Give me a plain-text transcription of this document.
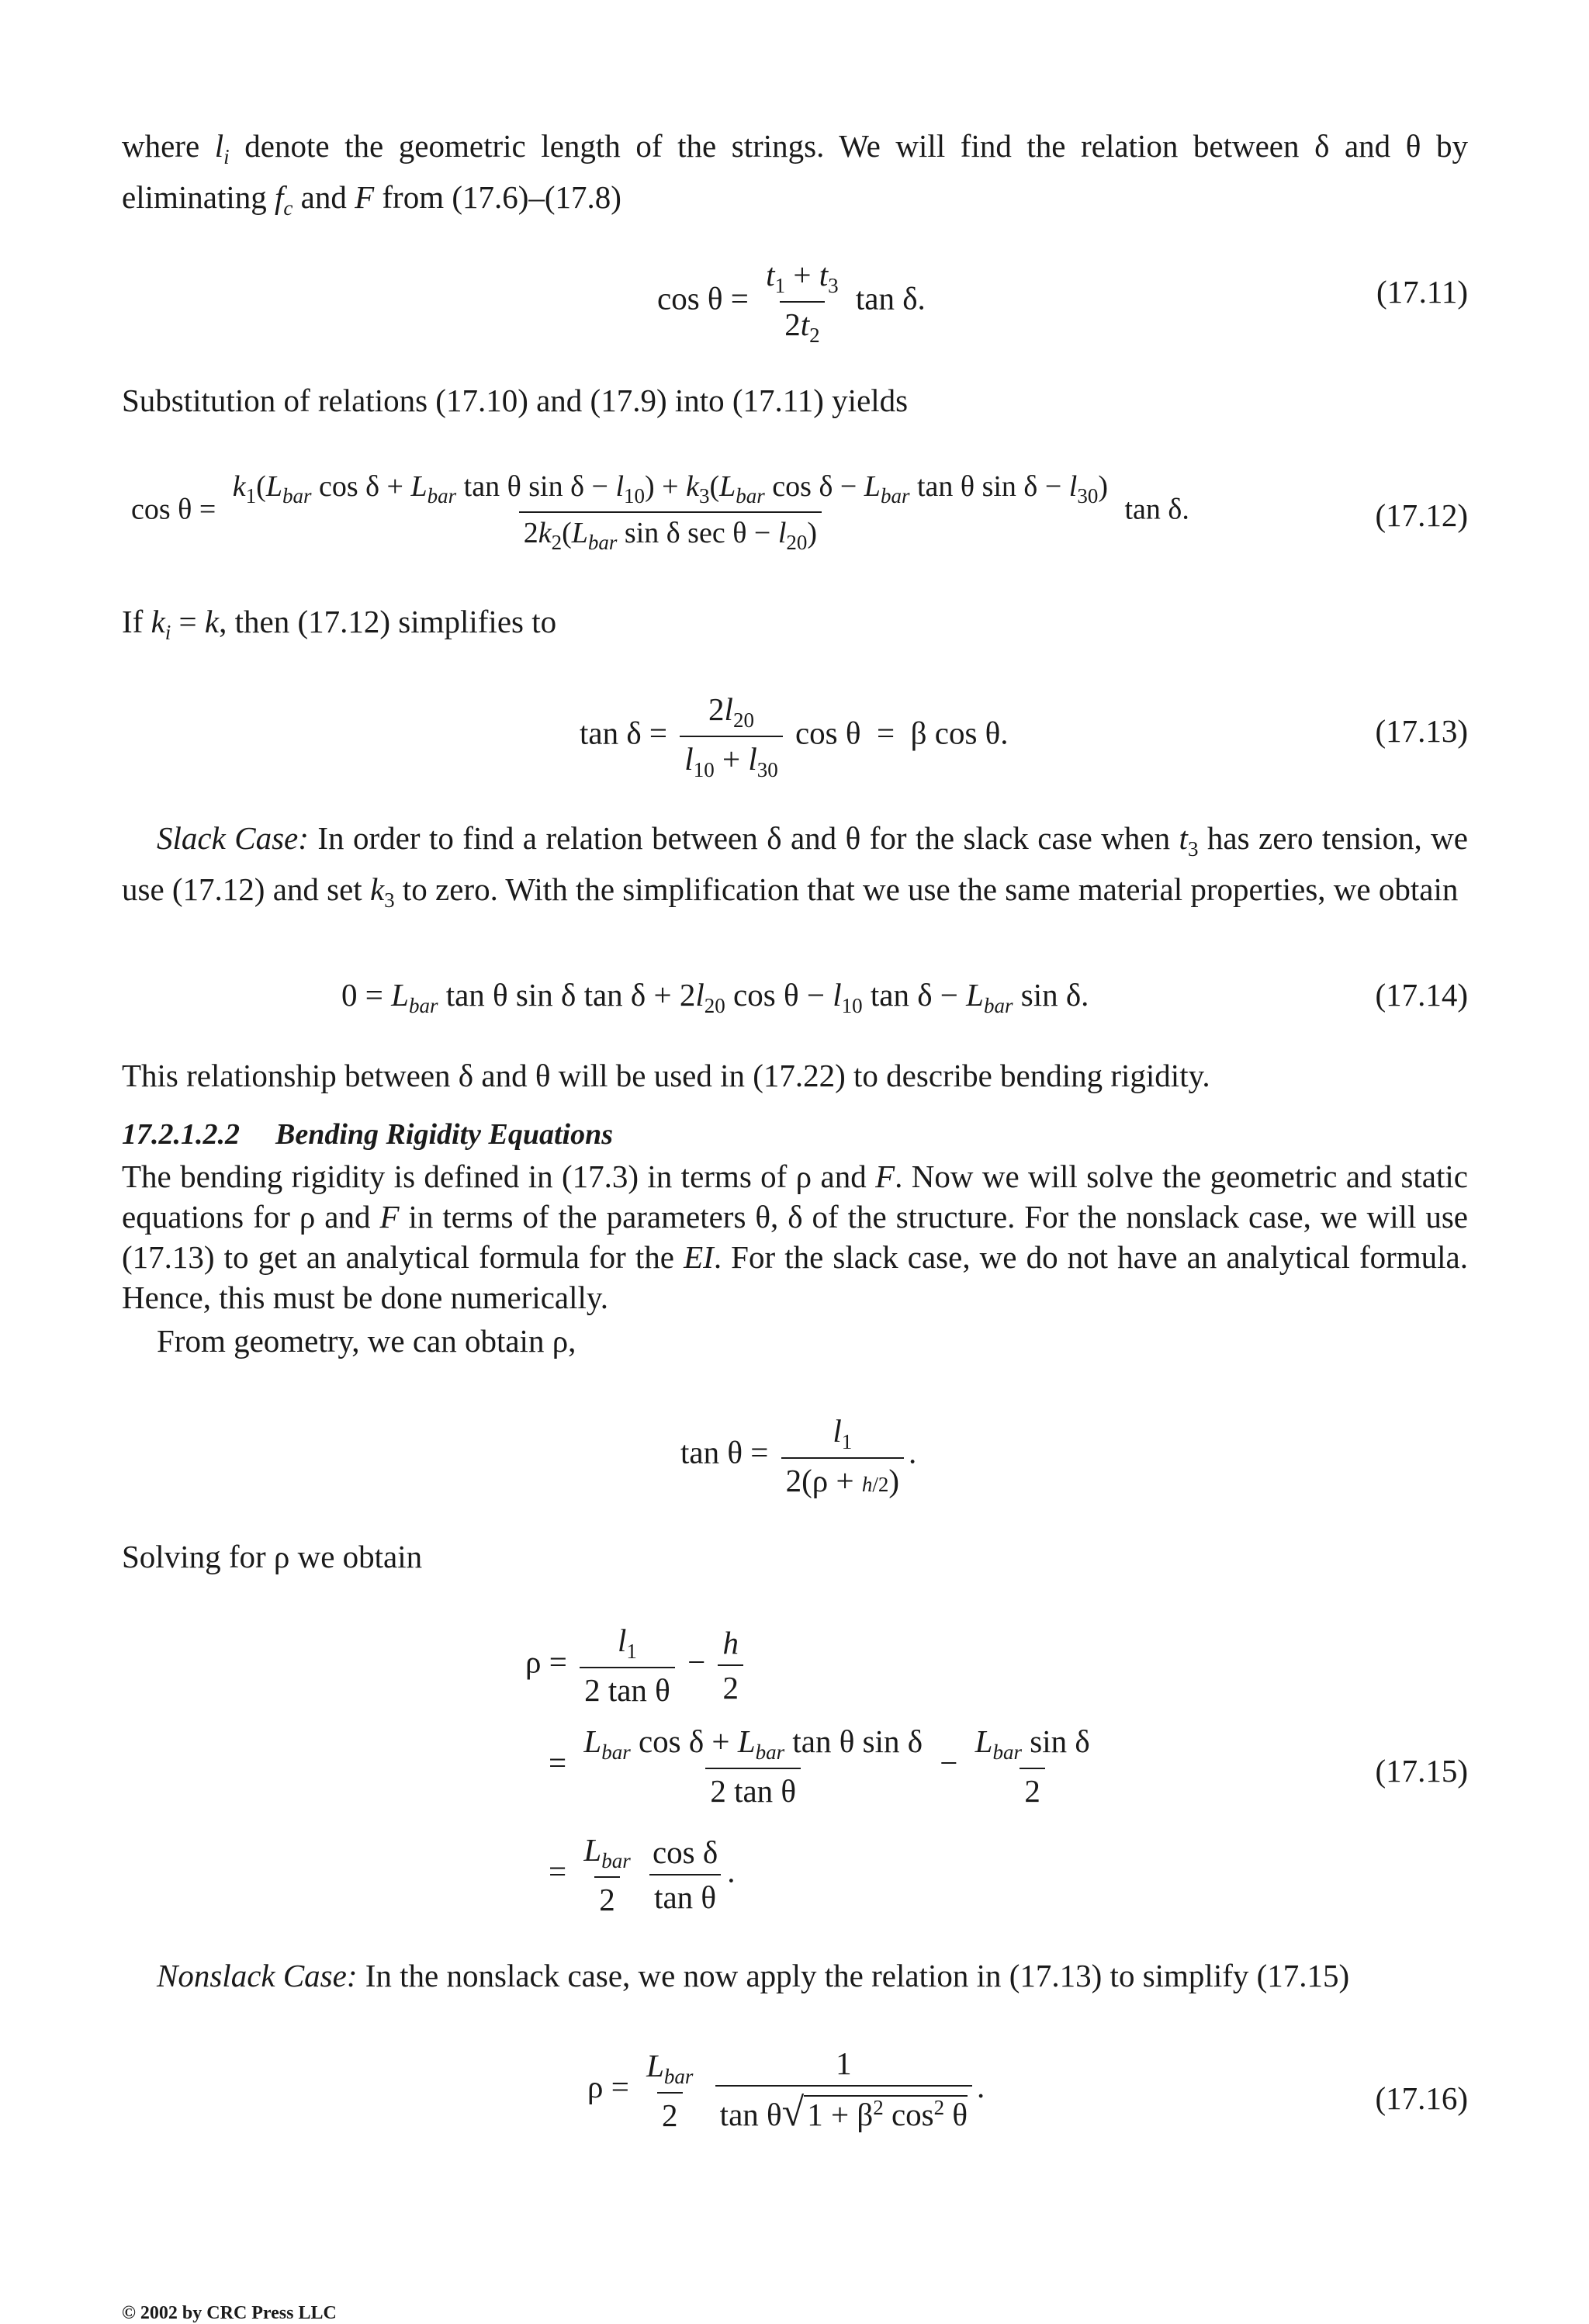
where $l_i$ denote the geometric length of the strings. We will find the relation between δ and θ by eliminating $f_c$ and F from (17.6)–(17.8)
$\cos \theta = \frac{t_1 + t_3}{2t_2}$ tan δ.	(17.11)
Substitution of relations (17.10) and (17.9) into (17.11) yields
cos θ =
$k_1(L_{bar}$ $\cos \delta + L_{bar}$ tan θ $\sin \delta - l_{10}) + k_3(L_{bar}$ $\cos \delta - L_{bar}$ tan θ $\sin \delta - l_{30}$)
$2k_2(L_{bar}$ sin δ $\sec \theta - l_{20}$)
tan δ.	(17.12)
If $k_i = k$, then (17.12) simplifies to
$\tan \delta = \frac{2l_{20}}{l_{10} + l_{30}}$ cos θ  =  β cos θ.	(17.13)
Slack Case: In order to find a relation between δ and θ for the slack case when $t_3$ has zero tension, we use (17.12) and set $k_3$ to zero. With the simplification that we use the same material properties, we obtain
$0 = L_{bar}$ tan θ sin δ $\tan \delta + 2l_{20}$ $\cos \theta - l_{10}$ $\tan \delta - L_{bar}$ sin δ.	(17.14)
This relationship between δ and θ will be used in (17.22) to describe bending rigidity.
17.2.1.2.2 Bending Rigidity Equations
The bending rigidity is defined in (17.3) in terms of ρ and F. Now we will solve the geometric and static equations for ρ and F in terms of the parameters θ, δ of the structure. For the nonslack case, we will use (17.13) to get an analytical formula for the EI. For the slack case, we do not have an analytical formula. Hence, this must be done numerically.
From geometry, we can obtain ρ,
$\tan \theta = \frac{l_1}{2(\rho + h/2)}$ .
Solving for ρ we obtain
$\rho = \frac{l_1}{\text{2 tan θ}} - \frac{h}{2}$
= $\frac{L_{bar} \cos \delta + L_{bar} \tan \theta \sin \delta}{\text{2 tan θ}} - \frac{L_{bar} \sin \delta}{2}$	(17.15)
= $\frac{L_{bar}}{2}$
$\frac{\text{cos δ}}{\text{tan θ}}$ .
Nonslack Case: In the nonslack case, we now apply the relation in (17.13) to simplify (17.15)
$\rho = \frac{L_{bar}}{2}$
$\frac{1}{\tan \theta√1 + \beta^2 \cos^2 \theta}$ .	(17.16)
© 2002 by CRC Press LLC
